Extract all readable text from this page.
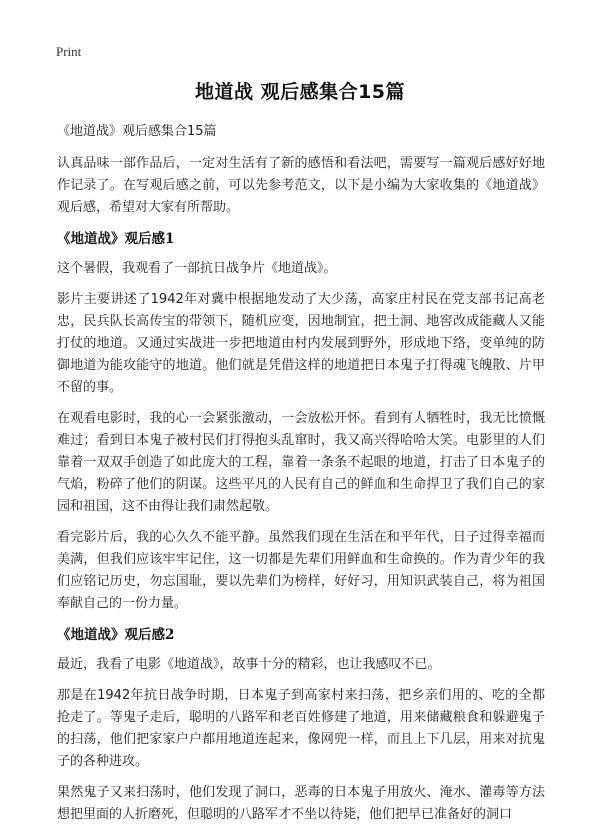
Print
地道战 观后感集合15篇

《地道战》观后感集合15篇

认真品味一部作品后，一定对生活有了新的感悟和看法吧，需要写一篇观后感好好地作记录了。在写观后感之前，可以先参考范文，以下是小编为大家收集的《地道战》观后感，希望对大家有所帮助。

《地道战》观后感1

这个暑假，我观看了一部抗日战争片《地道战》。

影片主要讲述了1942年对冀中根据地发动了大少荡，高家庄村民在党支部书记高老忠，民兵队长高传宝的带领下，随机应变，因地制宜，把土洞、地窖改成能藏人又能打仗的地道。又通过实战进一步把地道由村内发展到野外，形成地下络，变单纯的防御地道为能攻能守的地道。他们就是凭借这样的地道把日本鬼子打得魂飞魄散、片甲不留的事。

在观看电影时，我的心一会紧张激动，一会放松开怀。看到有人牺牲时，我无比愤慨难过；看到日本鬼子被村民们打得抱头乱窜时，我又高兴得哈哈大笑。电影里的人们靠着一双双手创造了如此庞大的工程，靠着一条条不起眼的地道，打击了日本鬼子的气焰，粉碎了他们的阴谋。这些平凡的人民有自己的鲜血和生命捍卫了我们自己的家园和祖国，这不由得让我们肃然起敬。

看完影片后，我的心久久不能平静。虽然我们现在生活在和平年代，日子过得幸福而美满，但我们应该牢牢记住，这一切都是先辈们用鲜血和生命换的。作为青少年的我们应铭记历史，勿忘国耻，要以先辈们为榜样，好好习，用知识武装自己，将为祖国奉献自己的一份力量。

《地道战》观后感2

最近，我看了电影《地道战》，故事十分的精彩，也让我感叹不已。

那是在1942年抗日战争时期，日本鬼子到高家村来扫荡，把乡亲们用的、吃的全都抢走了。等鬼子走后，聪明的八路军和老百姓修建了地道，用来储藏粮食和躲避鬼子的扫荡，他们把家家户户都用地道连起来，像网兜一样，而且上下几层，用来对抗鬼子的各种进攻。

果然鬼子又来扫荡时，他们发现了洞口，恶毒的日本鬼子用放火、淹水、灌毒等方法想把里面的人折磨死，但聪明的八路军才不坐以待毙，他们把早已准备好的洞口
